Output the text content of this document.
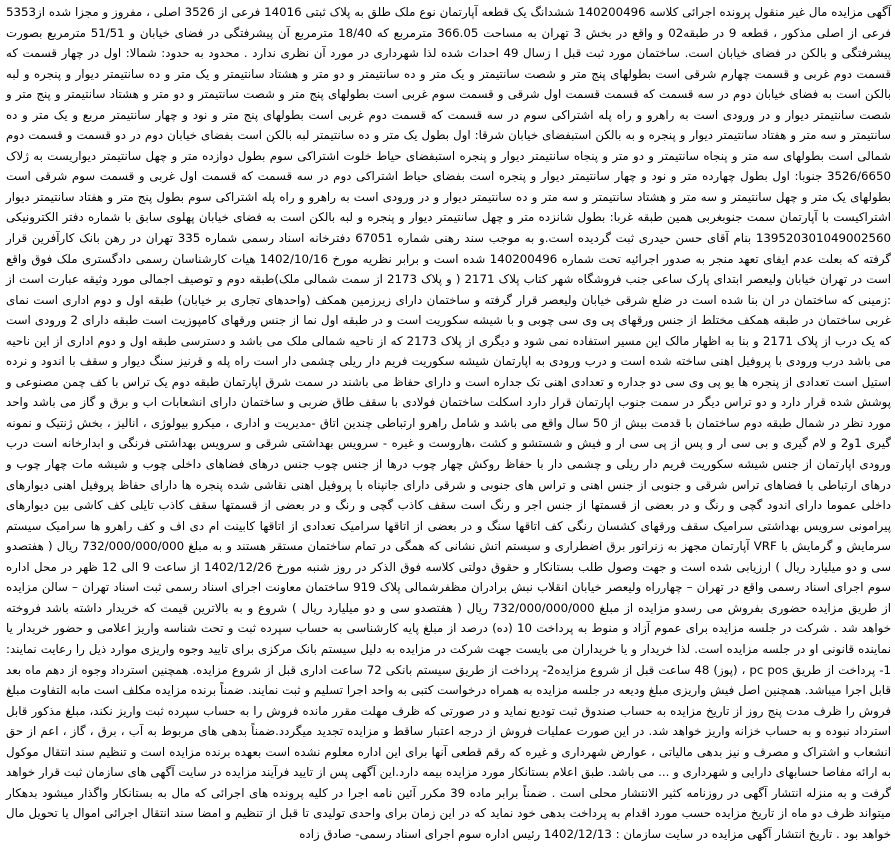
آگهی مزایده مال غیر منقول پرونده اجرائی کلاسه 140200496 ششدانگ یک قطعه آپارتمان نوع ملک طلق به پلاک ثبتی 14016 فرعی از 3526 اصلی ، مفروز و مجزا شده از5353 فرعی از اصلی مذکور ، قطعه 9 در طبقه02 و واقع در بخش 3 تهران به مساحت 366.05 مترمربع که 18/40 مترمربع آن پیشرفتگی در فضای خیابان و 51/51 مترمربع بصورت پیشرفتگی و بالکن در فضای خیابان است. ساختمان مورد ثبت قبل ا زسال 49 احداث شده لذا شهرداری در مورد آن نظری ندارد . محدود به حدود: شمالا: اول در چهار قسمت که قسمت دوم غربی و قسمت چهارم شرقی است بطولهای پنج متر و شصت سانتیمتر و یک متر و ده سانتیمتر و دو متر و هشتاد سانتیمتر و یک متر و ده سانتیمتر دیوار و پنجره و لبه بالکن است به فضای خیابان دوم در سه قسمت که قسمت قسمت اول شرقی و قسمت سوم غربی است بطولهای پنج متر و شصت سانتیمتر و دو متر و هشتاد سانتیمتر و پنج متر و شصت سانتیمتر دیوار و در ورودی است به راهرو و راه پله اشتراکی سوم در سه قسمت که قسمت دوم غربی است بطولهای پنج متر و نود و چهار سانتیمتر مربع و یک متر و ده سانتیمتر و سه متر و هفتاد سانتیمتر دیوار و پنجره و به بالکن استبفضای خیابان شرقا: اول بطول یک متر و ده سانتیمتر لبه بالکن است بفضای خیابان دوم در دو قسمت و قسمت دوم شمالی است بطولهای سه متر و پنجاه سانتیمتر و دو متر و پنجاه سانتیمتر دیوار و پنجره استبفضای حیاط خلوت اشتراکی سوم بطول دوازده متر و چهل سانتیمتر دیواریست به ژلاک 3526/6650 جنوبا: اول بطول چهارده متر و نود و چهار سانتیمتر دیوار و پنجره است بفضای حیاط اشتراکی دوم در سه قسمت که قسمت اول غربی و قسمت سوم شرقی است بطولهای یک متر و چهل سانتیمتر و سه متر و هشتاد سانتیمتر و سه متر و ده سانتیمتر دیوار و در ورودی است به راهرو و راه پله اشتراکی سوم بطول پنج متر و هفتاد سانتیمتر دیوار اشتراکیست با آپارتمان سمت جنوبغربی همین طبقه غربا: بطول شانزده متر و چهل سانتیمتر دیوار و پنجره و لبه بالکن است به فضای خیابان پهلوی سابق با شماره دفتر الکترونیکی 139520301049002560 بنام آقای حسن حیدری ثبت گردیده است.و به موجب سند رهنی شماره 67051 دفترخانه اسناد رسمی شماره 335 تهران در رهن بانک کارآفرین قرار گرفته که بعلت عدم ایفای تعهد منجر به صدور اجرائیه تحت شماره 140200496 شده است و برابر نظریه مورخ 1402/10/16 هیات کارشناسان رسمی دادگستری ملک فوق واقع است در تهران خیابان ولیعصر ابتدای پارک ساعی جنب فروشگاه شهر کتاب پلاک 2171 ( و پلاک 2173 از سمت شمالی ملک)طبقه دوم و توصیف اجمالی مورد وثیقه عبارت است از :زمینی که ساختمان در ان بنا شده است در ضلع شرقی خیابان ولیعصر قرار گرفته و ساختمان دارای زیرزمین همکف (واحدهای تجاری بر خیابان) طبقه اول و دوم اداری است نمای غربی ساختمان در طبقه همکف مختلط از جنس ورقهای پی وی سی چوبی و با شیشه سکوریت است و در طبقه اول نما از جنس ورقهای کامپوزیت است طبقه دارای 2 ورودی است که یک درب از پلاک 2171 و بنا به اظهار مالک این مسیر استفاده نمی شود و دیگری از پلاک 2173 که از ناحیه شمالی ملک می باشد و دسترسی طبقه اول و دوم اداری از این ناحیه می باشد درب ورودی با پروفیل اهنی ساخته شده است و درب ورودی به اپارتمان شیشه سکوریت فریم دار ریلی چشمی دار است راه پله و قرنیز سنگ دیوار و سقف با اندود و نرده استیل است تعدادی از پنجره ها یو پی وی سی دو جداره و تعدادی اهنی تک جداره است و دارای حفاظ می باشند در سمت شرق اپارتمان طبقه دوم یک تراس با کف چمن مصنوعی و پوشش شده قرار دارد و دو تراس دیگر در سمت جنوب اپارتمان قرار دارد اسکلت ساختمان فولادی با سقف طاق ضربی و ساختمان دارای انشعابات اب و برق و گاز می باشد واحد مورد نظر در شمال طبقه دوم ساختمان با قدمت بیش از 50 سال واقع می باشد و شامل راهرو ارتباطی چندین اتاق -مدیریت و اداری ، میکرو بیولوژی ، انالیز ، بخش ژنتیک و نمونه گیری 1و2 و لام گیری و بی سی ار و پس از پی سی ار و فیش و شستشو و کشت ،هاروست و غیره - سرویس بهداشتی شرقی و سرویس بهداشتی فرنگی و ابدارخانه است درب ورودی اپارتمان از جنس شیشه سکوریت فریم دار ریلی و چشمی دار با حفاظ روکش چهار چوب درها از جنس چوب جنس درهای فضاهای داخلی چوب و شیشه مات چهار چوب و درهای ارتباطی با فضاهای تراس شرقی و جنوبی از جنس اهنی و تراس های جنوبی و شرقی دارای جانپناه با پروفیل اهنی نقاشی شده پنجره ها دارای حفاظ پروفیل اهنی دیوارهای داخلی عموما دارای اندود گچی و رنگ و در بعضی از قسمتها از جنس اجر و رنگ است سقف کاذب گچی و رنگ و در بعضی از قسمتها سقف کاذب تایلی کف کاشی بین دیوارهای پیرامونی سرویس بهداشتی سرامیک سقف ورقهای کشسان رنگی کف اتاقها سنگ و در بعضی از اتاقها سرامیک تعدادی از اتاقها کابینت ام دی اف و کف راهرو ها سرامیک سیستم سرمایش و گرمایش با VRF آپارتمان مجهز به زنراتور برق اضطراری و سیستم اتش نشانی که همگی در تمام ساختمان مستقر هستند و به مبلغ 732/000/000/000 ریال ( هفتصدو سی و دو میلیارد ریال ) ارزیابی شده است و جهت وصول طلب بستانکار و حقوق دولتی کلاسه فوق الذکر در روز شنبه مورخ 1402/12/26 از ساعت 9 الی 12 ظهر در محل اداره سوم اجرای اسناد رسمی واقع در تهران – چهارراه ولیعصر خیابان انقلاب نبش برادران مظفرشمالی پلاک 919 ساختمان معاونت اجرای اسناد رسمی ثبت اسناد تهران – سالن مزایده از طریق مزایده حضوری بفروش می رسدو مزایده از مبلغ 732/000/000/000 ریال ( هفتصدو سی و دو میلیارد ریال ) شروع و به بالاترین قیمت که خریدار داشته باشد فروخته خواهد شد . شرکت در جلسه مزایده برای عموم آزاد و منوط به پرداخت 10 (ده) درصد از مبلغ پایه کارشناسی به حساب سپرده ثبت و تحت شناسه واریز اعلامی و حضور خریدار یا نماینده قانونی او در جلسه مزایده است. لذا خریدار و یا خریداران می بایست جهت شرکت در مزایده به دلیل سیستم بانک مرکزی برای تایید وجوه واریزی موارد ذیل را رعایت نمایند: 1- پرداخت از طریق pc pos ، (پوز) 48 ساعت قبل از شروع مزایده2- پرداخت از طریق سیستم بانکی 72 ساعت اداری قبل از شروع مزایده. همچنین استرداد وجوه از دهم ماه بعد قابل اجرا میباشد. همچنین اصل فیش واریزی مبلغ ودیعه در جلسه مزایده به همراه درخواست کتبی به واحد اجرا تسلیم و ثبت نمایند. ضمناً برنده مزایده مکلف است مابه التفاوت مبلغ فروش را ظرف مدت پنج روز از تاریخ مزایده به حساب صندوق ثبت تودیع نماید و در صورتی که ظرف مهلت مقرر مانده فروش را به حساب سپرده ثبت واریز نکند، مبلغ مذکور قابل استرداد نبوده و به حساب خزانه واریز خواهد شد. در این صورت عملیات فروش از درجه اعتبار ساقط و مزایده تجدید میگردد.ضمناً بدهی های مربوط به آب ، برق ، گاز ، اعم از حق انشعاب و اشتراک و مصرف و نیز بدهی مالیاتی ، عوارض شهرداری و غیره که رقم قطعی آنها برای این اداره معلوم نشده است بعهده برنده مزایده است و تنظیم سند انتقال موکول به ارائه مفاصا حسابهای دارایی و شهرداری و ... می باشد. طبق اعلام بستانکار مورد مزایده بیمه دارد.این آگهی پس از تایید فرآیند مزایده در سایت آگهی های سازمان ثبت قرار خواهد گرفت و به منزله انتشار آگهی در روزنامه کثیر الانتشار محلی است . ضمناً برابر ماده 39 مکرر آئین نامه اجرا در کلیه پرونده های اجرائی که مال به بستانکار واگذار میشود بدهکار میتواند ظرف دو ماه از تاریخ مزایده حسب مورد اقدام به پرداخت بدهی خود نماید که در این زمان برای واحدی تولیدی تا قبل از تنظیم و امضا سند انتقال اجرائی اموال یا تحویل مال خواهد بود . تاریخ انتشار آگهی مزایده در سایت سازمان : 1402/12/13 رئیس اداره سوم اجرای اسناد رسمی- صادق زاده
